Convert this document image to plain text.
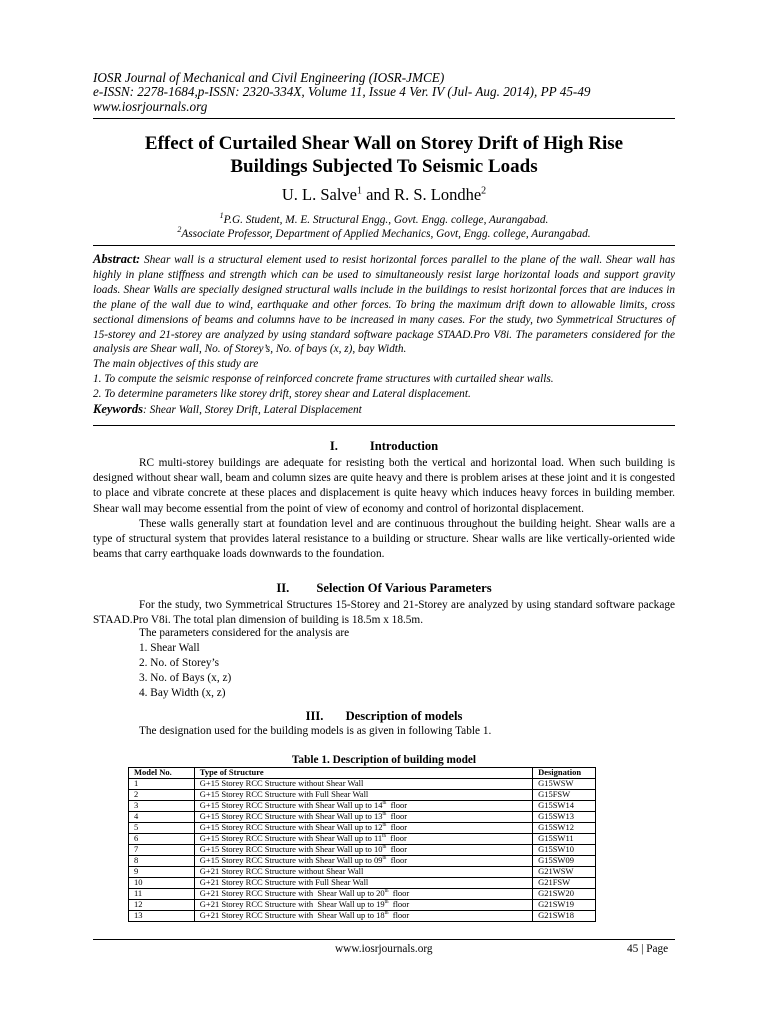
IOSR Journal of Mechanical and Civil Engineering (IOSR-JMCE)
e-ISSN: 2278-1684,p-ISSN: 2320-334X, Volume 11, Issue 4 Ver. IV (Jul- Aug. 2014), PP 45-49
www.iosrjournals.org
Effect of Curtailed Shear Wall on Storey Drift of High Rise
Buildings Subjected To Seismic Loads
U. L. Salve$^1$ and R. S. Londhe$^2$
$^1$P.G. Student, M. E. Structural Engg., Govt. Engg. college, Aurangabad.
$^2$Associate Professor, Department of Applied Mechanics, Govt, Engg. college, Aurangabad.

Abstract: Shear wall is a structural element used to resist horizontal forces parallel to the plane of the wall. Shear wall has highly in plane stiffness and strength which can be used to simultaneously resist large horizontal loads and support gravity loads. Shear Walls are specially designed structural walls include in the buildings to resist horizontal forces that are induces in the plane of the wall due to wind, earthquake and other forces. To bring the maximum drift down to allowable limits, cross sectional dimensions of beams and columns have to be increased in many cases. For the study, two Symmetrical Structures of 15-storey and 21-storey are analyzed by using standard software package STAAD.Pro V8i. The parameters considered for the analysis are Shear wall, No. of Storey’s, No. of bays (x, z), bay Width.

The main objectives of this study are

1. To compute the seismic response of reinforced concrete frame structures with curtailed shear walls.

2. To determine parameters like storey drift, storey shear and Lateral displacement.

Keywords: Shear Wall, Storey Drift, Lateral Displacement

I.	Introduction

RC multi-storey buildings are adequate for resisting both the vertical and horizontal load. When such building is designed without shear wall, beam and column sizes are quite heavy and there is problem arises at these joint and it is congested to place and vibrate concrete at these places and displacement is quite heavy which induces heavy forces in building member. Shear wall may become essential from the point of view of economy and control of horizontal displacement.

These walls generally start at foundation level and are continuous throughout the building height. Shear walls are a type of structural system that provides lateral resistance to a building or structure. Shear walls are like vertically-oriented wide beams that carry earthquake loads downwards to the foundation.

II. Selection Of Various Parameters

For the study, two Symmetrical Structures 15-Storey and 21-Storey are analyzed by using standard software package STAAD.Pro V8i. The total plan dimension of building is 18.5m x 18.5m.

The parameters considered for the analysis are
1. Shear Wall
2. No. of Storey’s
3. No. of Bays (x, z)
4. Bay Width (x, z)
III. Description of models

The designation used for the building models is as given in following Table 1.

Table 1. Description of building model
Model No.	Type of Structure	Designation
1	G+15 Storey RCC Structure without Shear Wall	G15WSW
2	G+15 Storey RCC Structure with Full Shear Wall	G15FSW
3	G+15 Storey RCC Structure with Shear Wall up to 14th  floor	G15SW14
4	G+15 Storey RCC Structure with Shear Wall up to 13th  floor	G15SW13
5	G+15 Storey RCC Structure with Shear Wall up to 12th  floor	G15SW12
6	G+15 Storey RCC Structure with Shear Wall up to 11th  floor	G15SW11
7	G+15 Storey RCC Structure with Shear Wall up to 10th  floor	G15SW10
8	G+15 Storey RCC Structure with Shear Wall up to 09th  floor	G15SW09
9	G+21 Storey RCC Structure without Shear Wall	G21WSW
10	G+21 Storey RCC Structure with Full Shear Wall	G21FSW
11	G+21 Storey RCC Structure with  Shear Wall up to 20th  floor	G21SW20
12	G+21 Storey RCC Structure with  Shear Wall up to 19th  floor	G21SW19
13	G+21 Storey RCC Structure with  Shear Wall up to 18th  floor	G21SW18
www.iosrjournals.org	45 | Page
